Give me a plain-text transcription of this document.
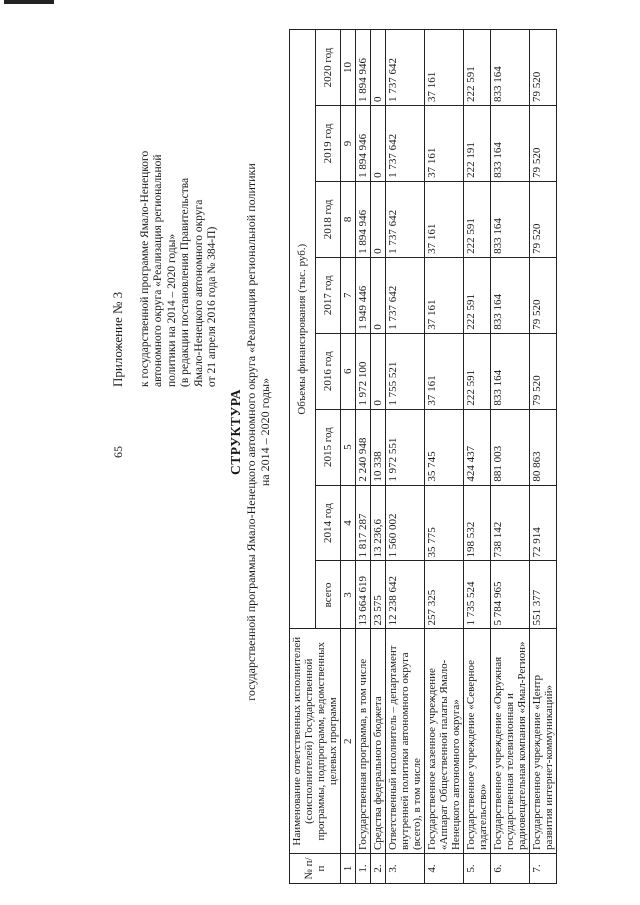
65
Приложение № 3 к государственной программе Ямало-Ненецкого автономного округа «Реализация региональной политики на 2014 – 2020 годы» (в редакции постановления Правительства Ямало-Ненецкого автономного округа от 21 апреля 2016 года № 384-П)
СТРУКТУРА государственной программы Ямало-Ненецкого автономного округа «Реализация региональной политики на 2014 – 2020 годы»
№ п/п	Наименование ответственных исполнителей (соисполнителей) Государственной программы, подпрограмм, ведомственных целевых программ	Объемы финансирования (тыс. руб.)							
		всего	2014 год	2015 год	2016 год	2017 год	2018 год	2019 год	2020 год
1	2	3	4	5	6	7	8	9	10
1.	Государственная программа, в том числе	13 664 619	1 817 287	2 240 948	1 972 100	1 949 446	1 894 946	1 894 946	1 894 946
2.	Средства федерального бюджета	23 575	13 236,6	10 338	0	0	0	0	0
3.	Ответственный исполнитель – департамент внутренней политики автономного округа (всего), в том числе	12 238 642	1 560 002	1 972 551	1 755 521	1 737 642	1 737 642	1 737 642	1 737 642
4.	Государственное казенное учреждение «Аппарат Общественной палаты Ямало-Ненецкого автономного округа»	257 325	35 775	35 745	37 161	37 161	37 161	37 161	37 161
5.	Государственное учреждение «Северное издательство»	1 735 524	198 532	424 437	222 591	222 591	222 591	222 191	222 591
6.	Государственное учреждение «Окружная государственная телевизионная и радиовещательная компания «Ямал-Регион»	5 784 965	738 142	881 003	833 164	833 164	833 164	833 164	833 164
7.	Государственное учреждение «Центр развития интернет-коммуникаций»	551 377	72 914	80 863	79 520	79 520	79 520	79 520	79 520
